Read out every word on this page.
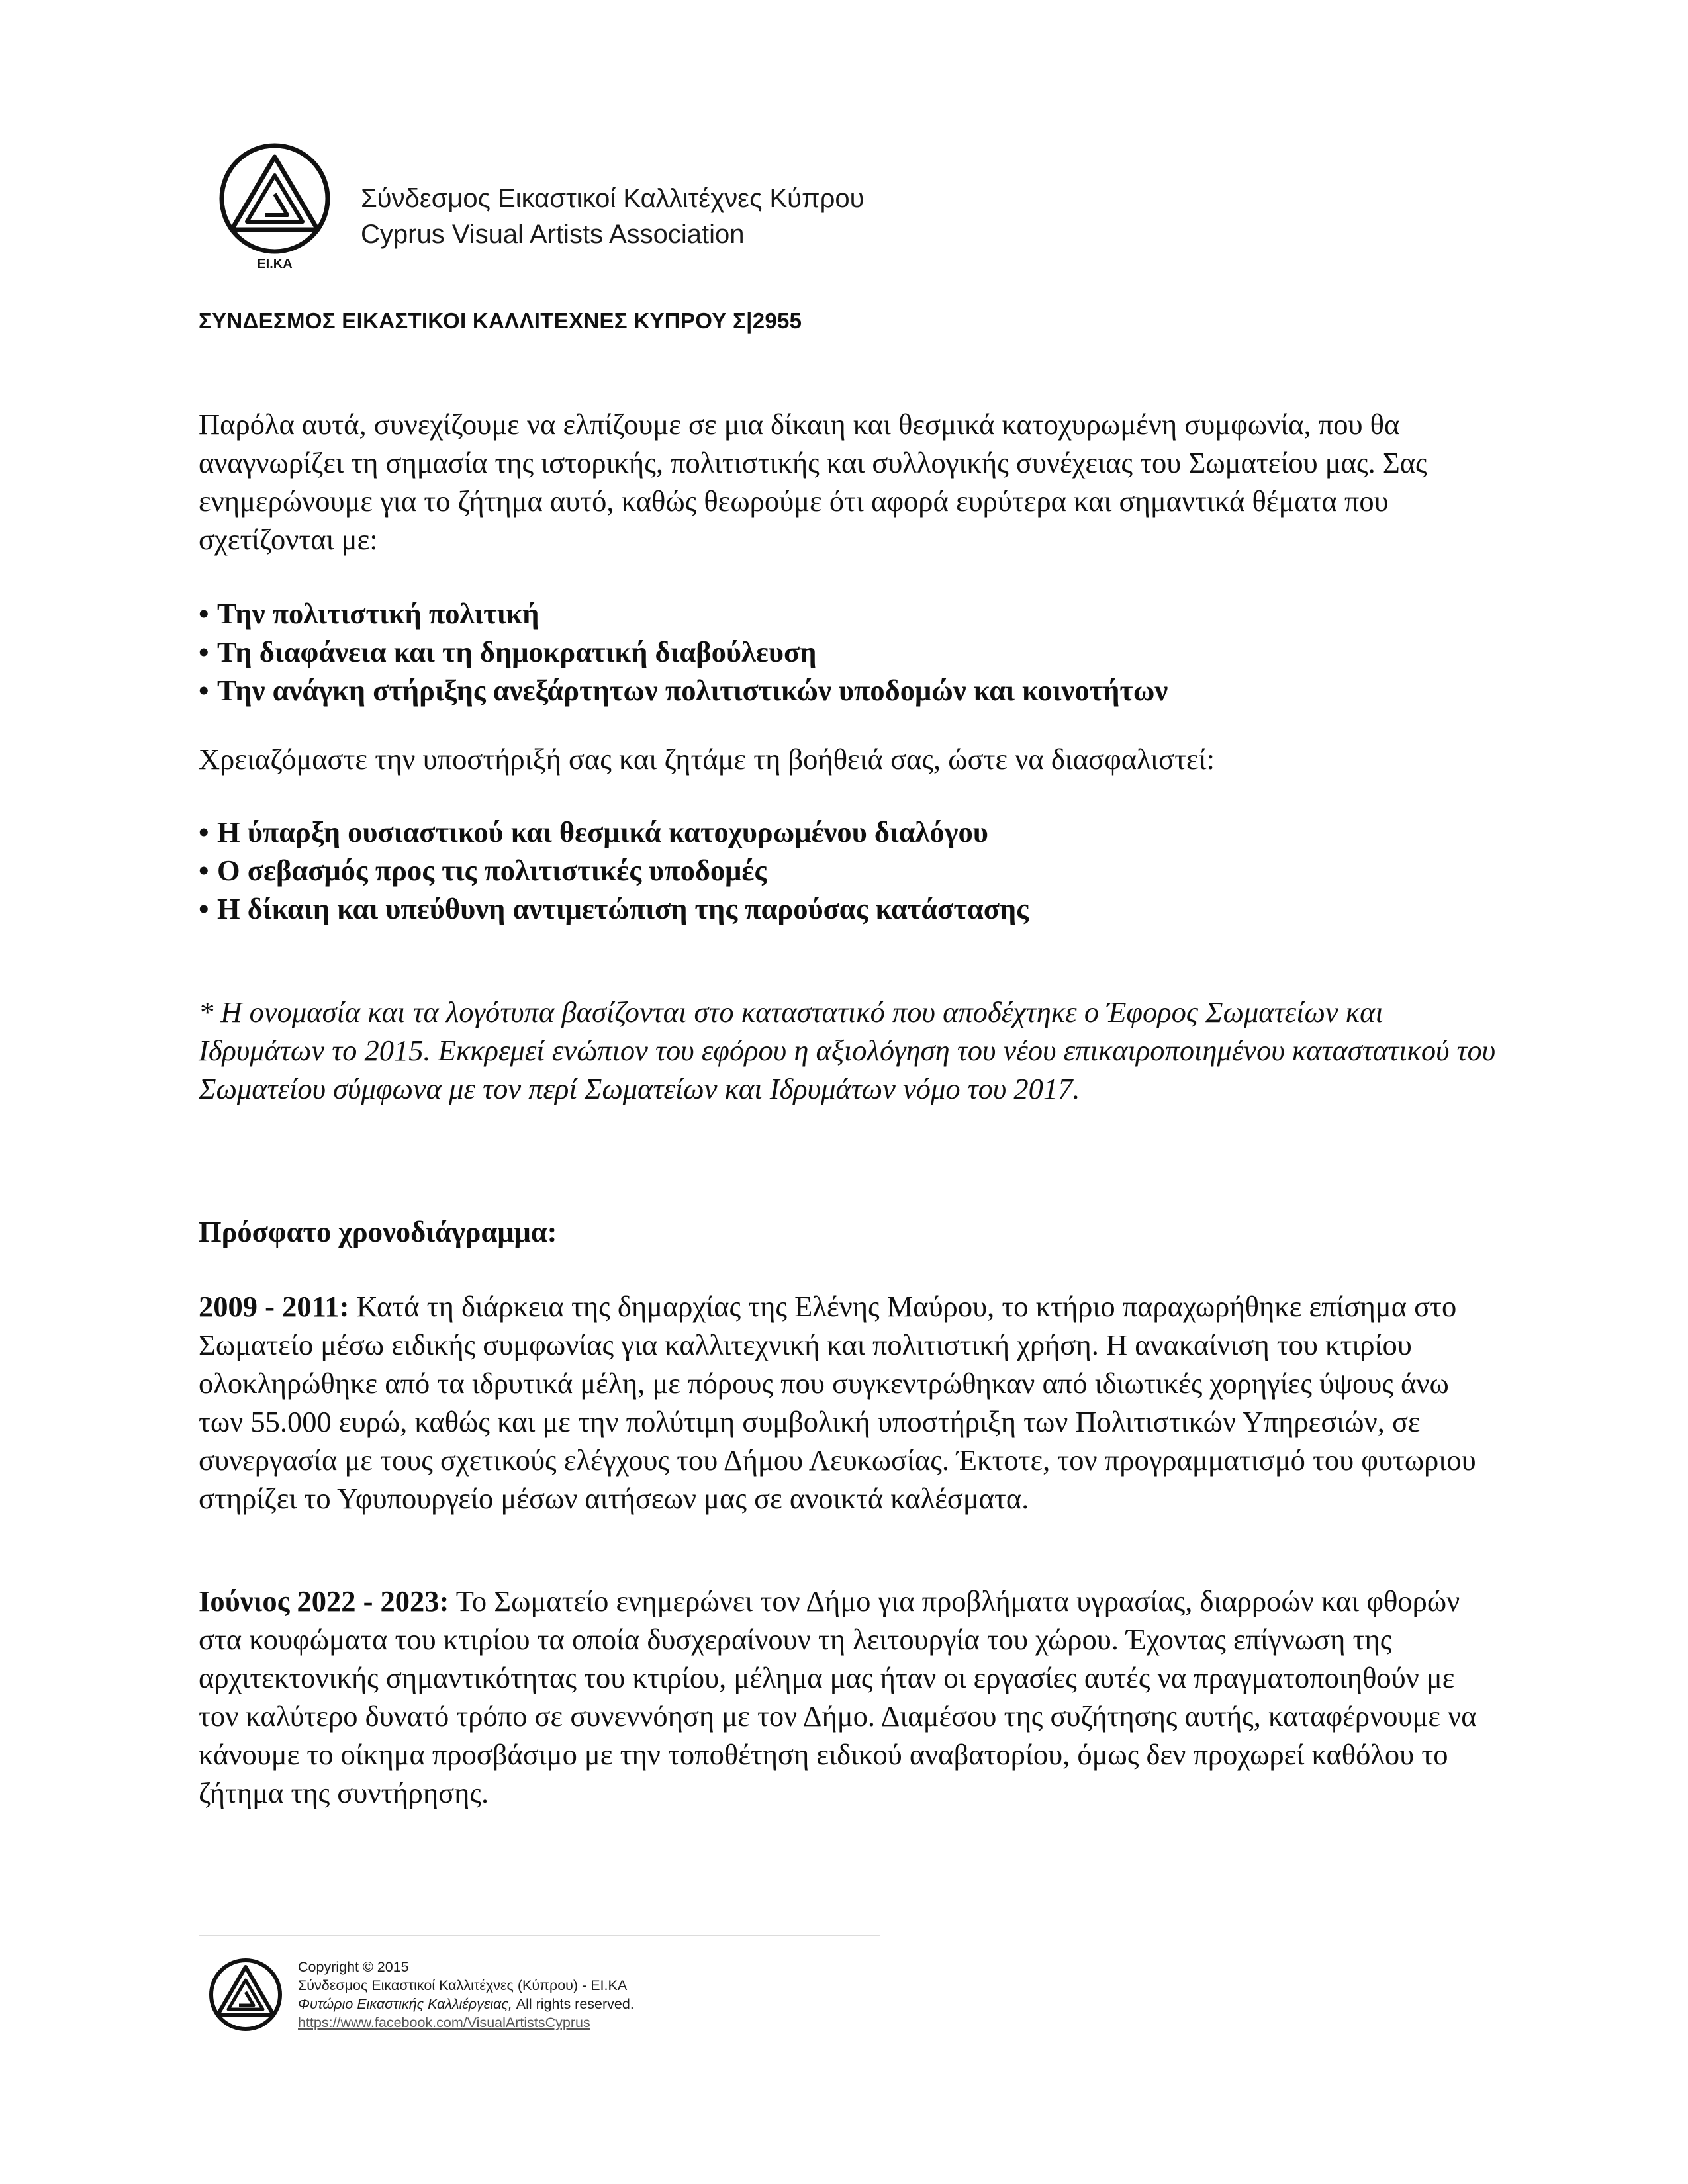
EI.KA
Σύνδεσμος Εικαστικοί Καλλιτέχνες Κύπρου
Cyprus Visual Artists Association
ΣΥΝΔΕΣΜΟΣ ΕΙΚΑΣΤΙΚΟΙ ΚΑΛΛΙΤΕΧΝΕΣ ΚΥΠΡΟΥ Σ|2955
Παρόλα αυτά, συνεχίζουμε να ελπίζουμε σε μια δίκαιη και θεσμικά κατοχυρωμένη συμφωνία, που θα αναγνωρίζει τη σημασία της ιστορικής, πολιτιστικής και συλλογικής συνέχειας του Σωματείου μας. Σας ενημερώνουμε για το ζήτημα αυτό, καθώς θεωρούμε ότι αφορά ευρύτερα και σημαντικά θέματα που σχετίζονται με:
• Την πολιτιστική πολιτική
• Τη διαφάνεια και τη δημοκρατική διαβούλευση
• Την ανάγκη στήριξης ανεξάρτητων πολιτιστικών υποδομών και κοινοτήτων
Χρειαζόμαστε την υποστήριξή σας και ζητάμε τη βοήθειά σας, ώστε να διασφαλιστεί:
• Η ύπαρξη ουσιαστικού και θεσμικά κατοχυρωμένου διαλόγου
• Ο σεβασμός προς τις πολιτιστικές υποδομές
• Η δίκαιη και υπεύθυνη αντιμετώπιση της παρούσας κατάστασης
* Η ονομασία και τα λογότυπα βασίζονται στο καταστατικό που αποδέχτηκε ο Έφορος Σωματείων και Ιδρυμάτων το 2015. Εκκρεμεί ενώπιον του εφόρου η αξιολόγηση του νέου επικαιροποιημένου καταστατικού του Σωματείου σύμφωνα με τον περί Σωματείων και Ιδρυμάτων νόμο του 2017.
Πρόσφατο χρονοδιάγραμμα:
2009 - 2011: Κατά τη διάρκεια της δημαρχίας της Ελένης Μαύρου, το κτήριο παραχωρήθηκε επίσημα στο Σωματείο μέσω ειδικής συμφωνίας για καλλιτεχνική και πολιτιστική χρήση. Η ανακαίνιση του κτιρίου ολοκληρώθηκε από τα ιδρυτικά μέλη, με πόρους που συγκεντρώθηκαν από ιδιωτικές χορηγίες ύψους άνω των 55.000 ευρώ, καθώς και με την πολύτιμη συμβολική υποστήριξη των Πολιτιστικών Υπηρεσιών, σε συνεργασία με τους σχετικούς ελέγχους του Δήμου Λευκωσίας. Έκτοτε, τον προγραμματισμό του φυτωριου στηρίζει το Υφυπουργείο μέσων αιτήσεων μας σε ανοικτά καλέσματα.
Ιούνιος 2022 - 2023: Το Σωματείο ενημερώνει τον Δήμο για προβλήματα υγρασίας, διαρροών και φθορών στα κουφώματα του κτιρίου τα οποία δυσχεραίνουν τη λειτουργία του χώρου. Έχοντας επίγνωση της αρχιτεκτονικής σημαντικότητας του κτιρίου, μέλημα μας ήταν οι εργασίες αυτές να πραγματοποιηθούν με τον καλύτερο δυνατό τρόπο σε συνεννόηση με τον Δήμο. Διαμέσου της συζήτησης αυτής, καταφέρνουμε να κάνουμε το οίκημα προσβάσιμο με την τοποθέτηση ειδικού αναβατορίου, όμως δεν προχωρεί καθόλου το ζήτημα της συντήρησης.
Copyright © 2015
Σύνδεσμος Εικαστικοί Καλλιτέχνες (Κύπρου) - ΕΙ.ΚΑ
Φυτώριο Εικαστικής Καλλιέργειας, All rights reserved.
https://www.facebook.com/VisualArtistsCyprus
